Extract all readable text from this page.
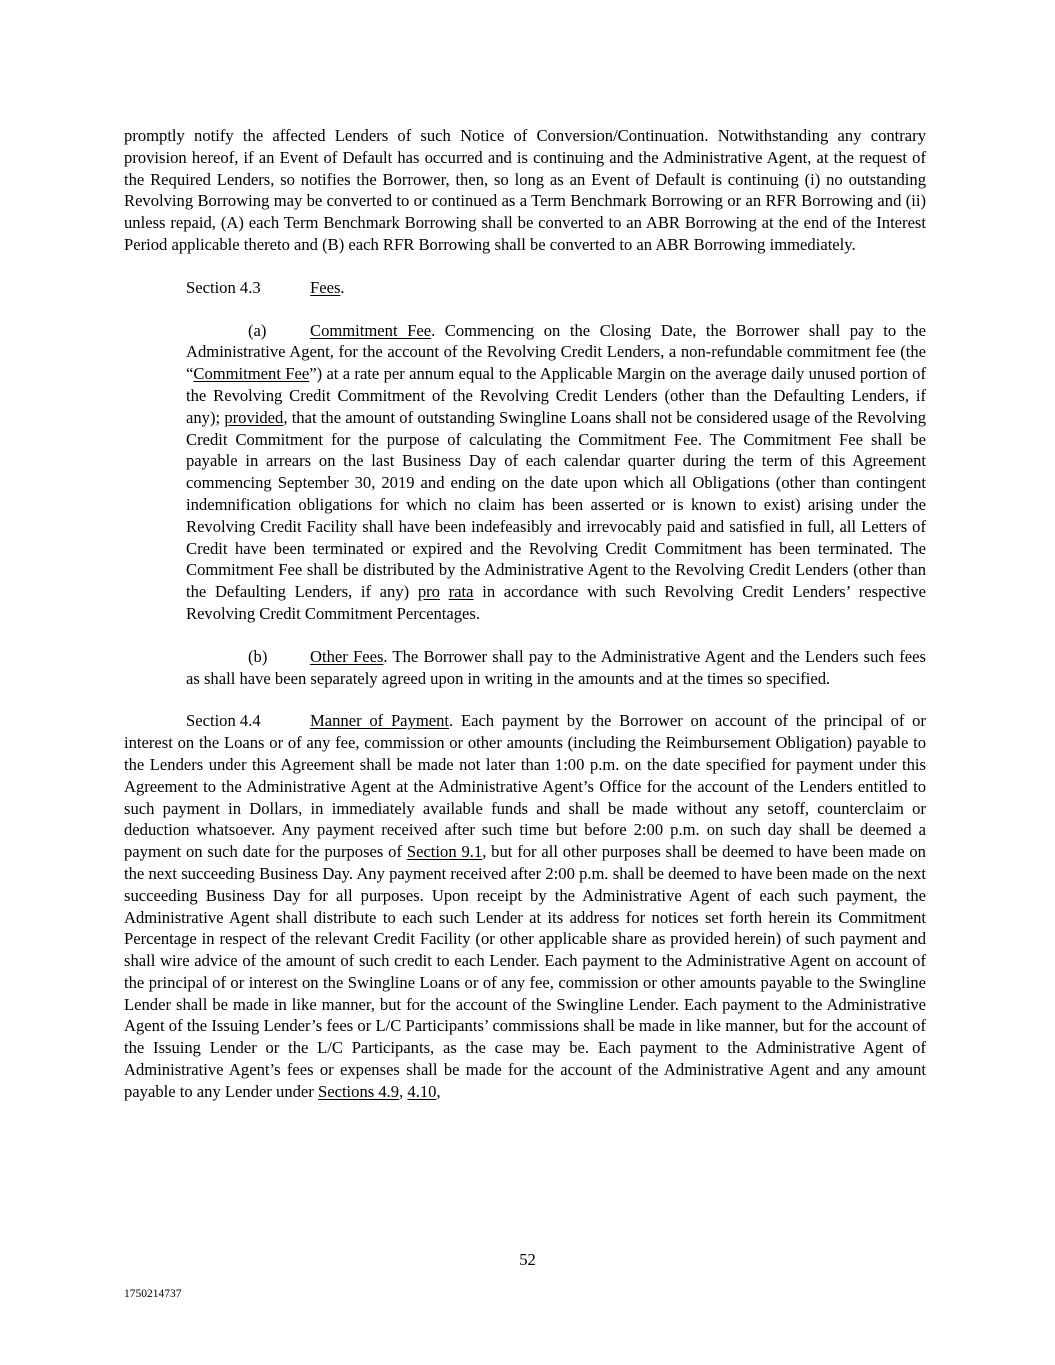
promptly notify the affected Lenders of such Notice of Conversion/Continuation. Notwithstanding any contrary provision hereof, if an Event of Default has occurred and is continuing and the Administrative Agent, at the request of the Required Lenders, so notifies the Borrower, then, so long as an Event of Default is continuing (i) no outstanding Revolving Borrowing may be converted to or continued as a Term Benchmark Borrowing or an RFR Borrowing and (ii) unless repaid, (A) each Term Benchmark Borrowing shall be converted to an ABR Borrowing at the end of the Interest Period applicable thereto and (B) each RFR Borrowing shall be converted to an ABR Borrowing immediately.

Section 4.3	Fees.

(a)	Commitment Fee. Commencing on the Closing Date, the Borrower shall pay to the Administrative Agent, for the account of the Revolving Credit Lenders, a non-refundable commitment fee (the “Commitment Fee”) at a rate per annum equal to the Applicable Margin on the average daily unused portion of the Revolving Credit Commitment of the Revolving Credit Lenders (other than the Defaulting Lenders, if any); provided, that the amount of outstanding Swingline Loans shall not be considered usage of the Revolving Credit Commitment for the purpose of calculating the Commitment Fee. The Commitment Fee shall be payable in arrears on the last Business Day of each calendar quarter during the term of this Agreement commencing September 30, 2019 and ending on the date upon which all Obligations (other than contingent indemnification obligations for which no claim has been asserted or is known to exist) arising under the Revolving Credit Facility shall have been indefeasibly and irrevocably paid and satisfied in full, all Letters of Credit have been terminated or expired and the Revolving Credit Commitment has been terminated. The Commitment Fee shall be distributed by the Administrative Agent to the Revolving Credit Lenders (other than the Defaulting Lenders, if any) pro rata in accordance with such Revolving Credit Lenders’ respective Revolving Credit Commitment Percentages.

(b)	Other Fees. The Borrower shall pay to the Administrative Agent and the Lenders such fees as shall have been separately agreed upon in writing in the amounts and at the times so specified.

Section 4.4	Manner of Payment. Each payment by the Borrower on account of the principal of or interest on the Loans or of any fee, commission or other amounts (including the Reimbursement Obligation) payable to the Lenders under this Agreement shall be made not later than 1:00 p.m. on the date specified for payment under this Agreement to the Administrative Agent at the Administrative Agent’s Office for the account of the Lenders entitled to such payment in Dollars, in immediately available funds and shall be made without any setoff, counterclaim or deduction whatsoever. Any payment received after such time but before 2:00 p.m. on such day shall be deemed a payment on such date for the purposes of Section 9.1, but for all other purposes shall be deemed to have been made on the next succeeding Business Day. Any payment received after 2:00 p.m. shall be deemed to have been made on the next succeeding Business Day for all purposes. Upon receipt by the Administrative Agent of each such payment, the Administrative Agent shall distribute to each such Lender at its address for notices set forth herein its Commitment Percentage in respect of the relevant Credit Facility (or other applicable share as provided herein) of such payment and shall wire advice of the amount of such credit to each Lender. Each payment to the Administrative Agent on account of the principal of or interest on the Swingline Loans or of any fee, commission or other amounts payable to the Swingline Lender shall be made in like manner, but for the account of the Swingline Lender. Each payment to the Administrative Agent of the Issuing Lender’s fees or L/C Participants’ commissions shall be made in like manner, but for the account of the Issuing Lender or the L/C Participants, as the case may be. Each payment to the Administrative Agent of Administrative Agent’s fees or expenses shall be made for the account of the Administrative Agent and any amount payable to any Lender under Sections 4.9, 4.10,

52
1750214737
